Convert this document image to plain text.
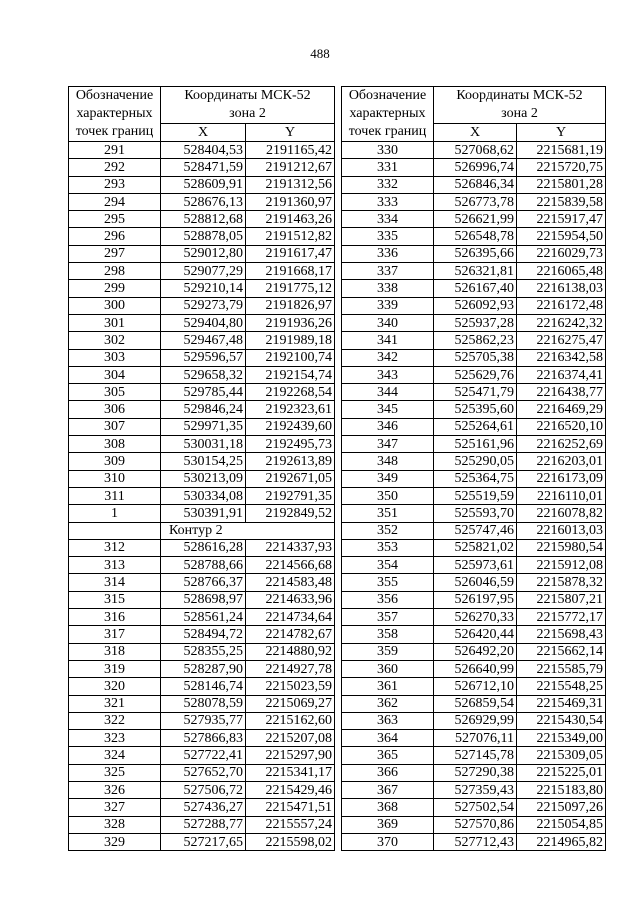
488
Обозначение
характерных
точек границ	Координаты МСК-52
зона 2	

	X	Y
291	528404,53	2191165,42
292	528471,59	2191212,67
293	528609,91	2191312,56
294	528676,13	2191360,97
295	528812,68	2191463,26
296	528878,05	2191512,82
297	529012,80	2191617,47
298	529077,29	2191668,17
299	529210,14	2191775,12
300	529273,79	2191826,97
301	529404,80	2191936,26
302	529467,48	2191989,18
303	529596,57	2192100,74
304	529658,32	2192154,74
305	529785,44	2192268,54
306	529846,24	2192323,61
307	529971,35	2192439,60
308	530031,18	2192495,73
309	530154,25	2192613,89
310	530213,09	2192671,05
311	530334,08	2192791,35
1	530391,91	2192849,52
	Контур 2	
312	528616,28	2214337,93
313	528788,66	2214566,68
314	528766,37	2214583,48
315	528698,97	2214633,96
316	528561,24	2214734,64
317	528494,72	2214782,67
318	528355,25	2214880,92
319	528287,90	2214927,78
320	528146,74	2215023,59
321	528078,59	2215069,27
322	527935,77	2215162,60
323	527866,83	2215207,08
324	527722,41	2215297,90
325	527652,70	2215341,17
326	527506,72	2215429,46
327	527436,27	2215471,51
328	527288,77	2215557,24
329	527217,65	2215598,02
Обозначение
характерных
точек границ	Координаты МСК-52
зона 2	

	X	Y
330	527068,62	2215681,19
331	526996,74	2215720,75
332	526846,34	2215801,28
333	526773,78	2215839,58
334	526621,99	2215917,47
335	526548,78	2215954,50
336	526395,66	2216029,73
337	526321,81	2216065,48
338	526167,40	2216138,03
339	526092,93	2216172,48
340	525937,28	2216242,32
341	525862,23	2216275,47
342	525705,38	2216342,58
343	525629,76	2216374,41
344	525471,79	2216438,77
345	525395,60	2216469,29
346	525264,61	2216520,10
347	525161,96	2216252,69
348	525290,05	2216203,01
349	525364,75	2216173,09
350	525519,59	2216110,01
351	525593,70	2216078,82
352	525747,46	2216013,03
353	525821,02	2215980,54
354	525973,61	2215912,08
355	526046,59	2215878,32
356	526197,95	2215807,21
357	526270,33	2215772,17
358	526420,44	2215698,43
359	526492,20	2215662,14
360	526640,99	2215585,79
361	526712,10	2215548,25
362	526859,54	2215469,31
363	526929,99	2215430,54
364	527076,11	2215349,00
365	527145,78	2215309,05
366	527290,38	2215225,01
367	527359,43	2215183,80
368	527502,54	2215097,26
369	527570,86	2215054,85
370	527712,43	2214965,82
